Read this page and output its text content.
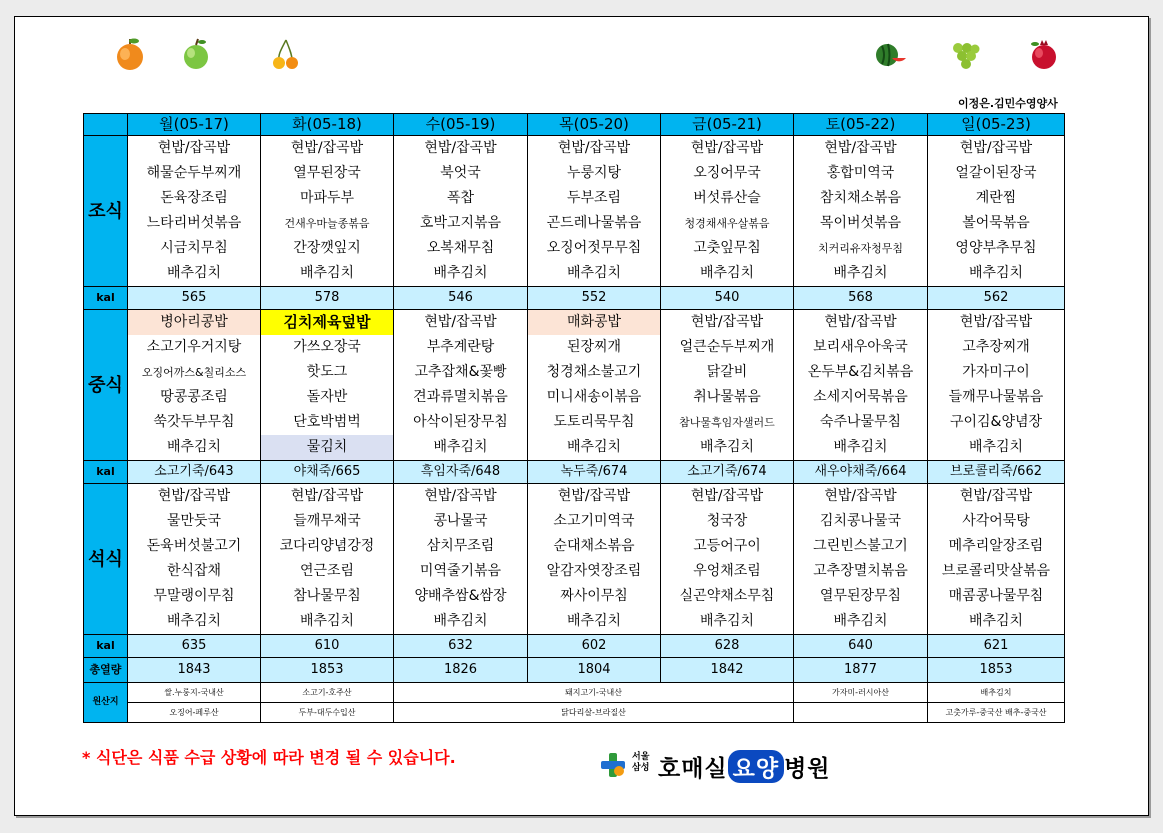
이정은.김민수영양사
	월(05-17)	화(05-18)	수(05-19)	목(05-20)	금(05-21)	토(05-22)	일(05-23)	
조식	현밥/잡곡밥	현밥/잡곡밥	현밥/잡곡밥	현밥/잡곡밥	현밥/잡곡밥	현밥/잡곡밥	현밥/잡곡밥	
	해물순두부찌개	열무된장국	북엇국	누룽지탕	오징어무국	홍합미역국	얼갈이된장국	
	돈육장조림	마파두부	폭찹	두부조림	버섯류산슬	참치채소볶음	계란찜	
	느타리버섯볶음	건새우마늘종볶음	호박고지볶음	곤드레나물볶음	청경채새우살볶음	목이버섯볶음	볼어묵볶음	
	시금치무침	간장깻잎지	오복채무침	오징어젓무무침	고춧잎무침	치커리유자청무침	영양부추무침	
	배추김치	배추김치	배추김치	배추김치	배추김치	배추김치	배추김치	
kal	565	578	546	552	540	568	562	
중식	병아리콩밥	김치제육덮밥	현밥/잡곡밥	매화콩밥	현밥/잡곡밥	현밥/잡곡밥	현밥/잡곡밥	
	소고기우거지탕	가쓰오장국	부추계란탕	된장찌개	얼큰순두부찌개	보리새우아욱국	고추장찌개	
	오징어까스&칠리소스	핫도그	고추잡채&꽃빵	청경채소불고기	닭갈비	온두부&김치볶음	가자미구이	
	땅콩콩조림	돌자반	견과류멸치볶음	미니새송이볶음	취나물볶음	소세지어묵볶음	들깨무나물볶음	
	쑥갓두부무침	단호박범벅	아삭이된장무침	도토리묵무침	참나물흑임자샐러드	숙주나물무침	구이김&양념장	
	배추김치	물김치	배추김치	배추김치	배추김치	배추김치	배추김치	
kal	소고기죽/643	야채죽/665	흑임자죽/648	녹두죽/674	소고기죽/674	새우야채죽/664	브로콜리죽/662	
석식	현밥/잡곡밥	현밥/잡곡밥	현밥/잡곡밥	현밥/잡곡밥	현밥/잡곡밥	현밥/잡곡밥	현밥/잡곡밥	
	물만둣국	들깨무채국	콩나물국	소고기미역국	청국장	김치콩나물국	사각어묵탕	
	돈육버섯불고기	코다리양념강정	삼치무조림	순대채소볶음	고등어구이	그린빈스불고기	메추리알장조림	
	한식잡채	연근조림	미역줄기볶음	알감자엿장조림	우엉채조림	고추장멸치볶음	브로콜리맛살볶음	
	무말랭이무침	참나물무침	양배추쌈&쌈장	짜사이무침	실곤약채소무침	열무된장무침	매콤콩나물무침	
	배추김치	배추김치	배추김치	배추김치	배추김치	배추김치	배추김치	
kal	635	610	632	602	628	640	621	
총열량	1843	1853	1826	1804	1842	1877	1853	
원산지	쌀.누룽지-국내산	소고기-호주산	돼지고기-국내산			가자미-러시아산	배추김치	
	오징어-페루산	두부-대두수입산	닭다리살-브라질산				고춧가루-중국산 배추-중국산	
* 식단은 식품 수급 상황에 따라 변경 될 수 있습니다.	서울
삼성 호매실 요양 병원
